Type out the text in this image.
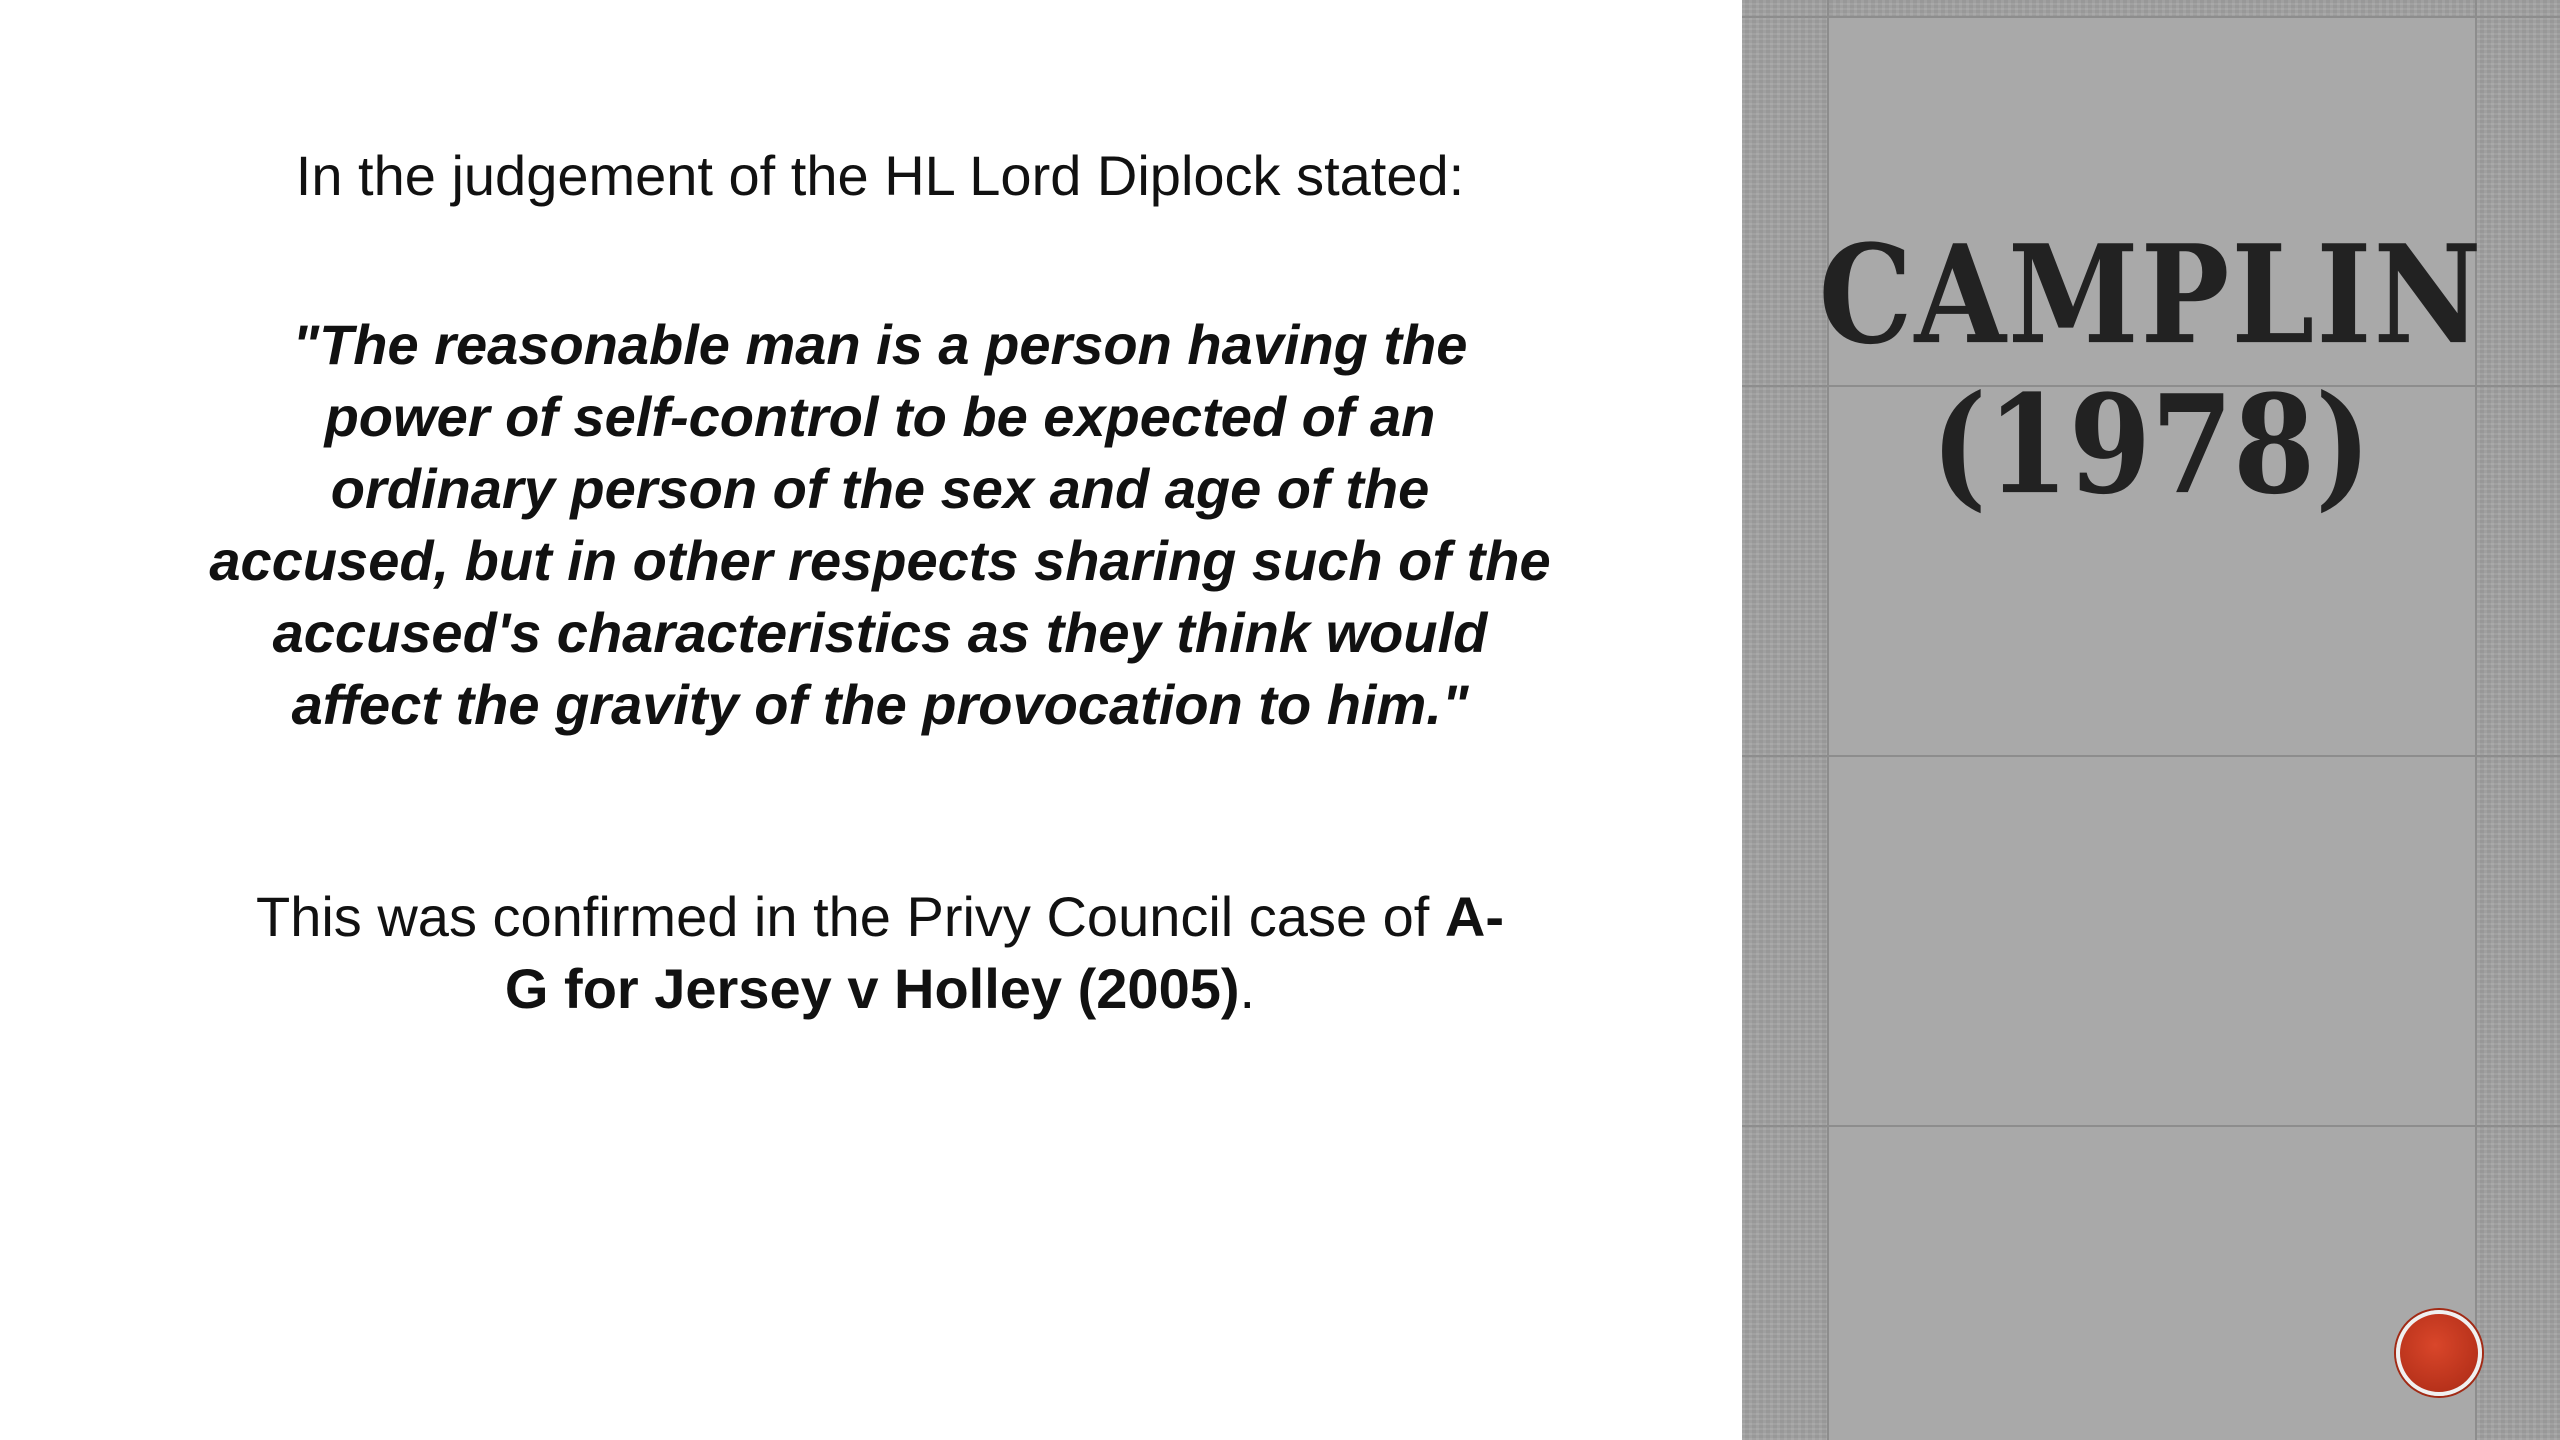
In the judgement of the HL Lord Diplock stated:

"The reasonable man is a person having the
power of self-control to be expected of an
ordinary person of the sex and age of the
accused, but in other respects sharing such of the
accused's characteristics as they think would
affect the gravity of the provocation to him."

This was confirmed in the Privy Council case of A-
G for Jersey v Holley (2005).

CAMPLIN
(1978)
